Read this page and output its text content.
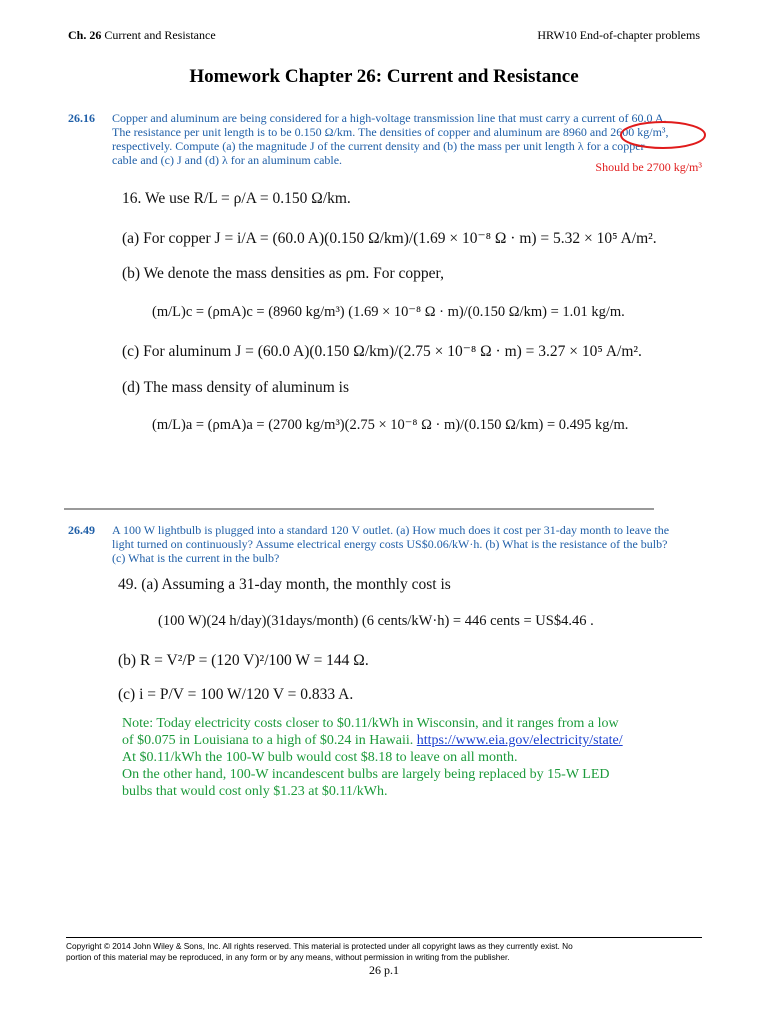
Ch. 26 Current and Resistance	HRW10 End-of-chapter problems
Homework Chapter 26: Current and Resistance
26.16 Copper and aluminum are being considered for a high-voltage transmission line that must carry a current of 60.0 A.
The resistance per unit length is to be 0.150 Ω/km. The densities of copper and aluminum are 8960 and 2600 kg/m³,
respectively. Compute (a) the magnitude J of the current density and (b) the mass per unit length λ for a copper
cable and (c) J and (d) λ for an aluminum cable.	Should be 2700 kg/m³
16. We use R/L = ρ/A = 0.150 Ω/km.
(a) For copper J = i/A = (60.0 A)(0.150 Ω/km)/(1.69 × 10⁻⁸ Ω · m) = 5.32 × 10⁵ A/m².
(b) We denote the mass densities as ρm. For copper,
(m/L)c = (ρmA)c = (8960 kg/m³) (1.69 × 10⁻⁸ Ω · m)/(0.150 Ω/km) = 1.01 kg/m.
(c) For aluminum J = (60.0 A)(0.150 Ω/km)/(2.75 × 10⁻⁸ Ω · m) = 3.27 × 10⁵ A/m².
(d) The mass density of aluminum is
(m/L)a = (ρmA)a = (2700 kg/m³)(2.75 × 10⁻⁸ Ω · m)/(0.150 Ω/km) = 0.495 kg/m.
26.49 A 100 W lightbulb is plugged into a standard 120 V outlet. (a) How much does it cost per 31-day month to leave the
light turned on continuously? Assume electrical energy costs US$0.06/kW·h. (b) What is the resistance of the bulb?
(c) What is the current in the bulb?
49. (a) Assuming a 31-day month, the monthly cost is
(100 W)(24 h/day)(31days/month) (6 cents/kW·h) = 446 cents = US$4.46 .
(b) R = V²/P = (120 V)²/100 W = 144 Ω.
(c) i = P/V = 100 W/120 V = 0.833 A.
Note: Today electricity costs closer to $0.11/kWh in Wisconsin, and it ranges from a low
of $0.075 in Louisiana to a high of $0.24 in Hawaii. https://www.eia.gov/electricity/state/
At $0.11/kWh the 100-W bulb would cost $8.18 to leave on all month.
On the other hand, 100-W incandescent bulbs are largely being replaced by 15-W LED
bulbs that would cost only $1.23 at $0.11/kWh.
Copyright © 2014 John Wiley & Sons, Inc. All rights reserved. This material is protected under all copyright laws as they currently exist. No
portion of this material may be reproduced, in any form or by any means, without permission in writing from the publisher.
26 p.1
